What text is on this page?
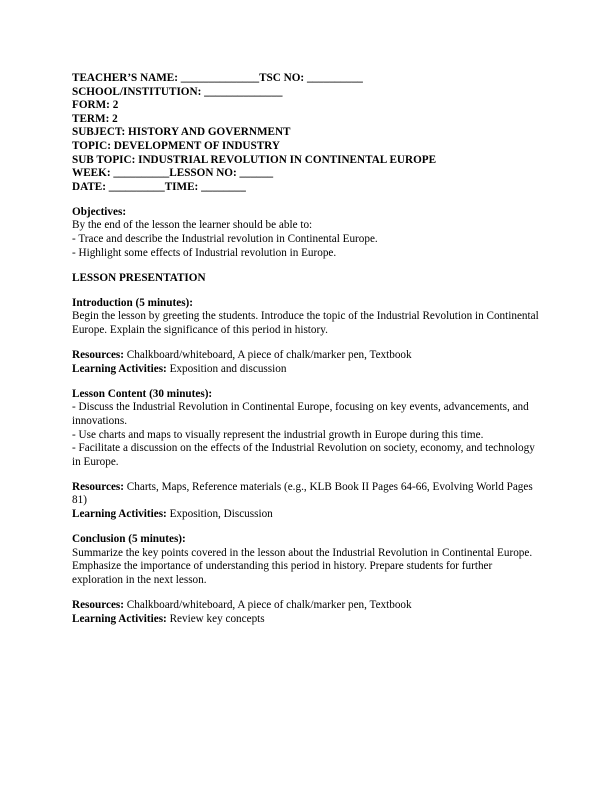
TEACHER’S NAME: ______________TSC NO: __________

SCHOOL/INSTITUTION: ______________

FORM: 2

TERM: 2

SUBJECT: HISTORY AND GOVERNMENT

TOPIC: DEVELOPMENT OF INDUSTRY

SUB TOPIC: INDUSTRIAL REVOLUTION IN CONTINENTAL EUROPE

WEEK: __________LESSON NO: ______

DATE: __________TIME: ________

Objectives:

By the end of the lesson the learner should be able to:

- Trace and describe the Industrial revolution in Continental Europe.

- Highlight some effects of Industrial revolution in Europe.

LESSON PRESENTATION

Introduction (5 minutes):

Begin the lesson by greeting the students. Introduce the topic of the Industrial Revolution in Continental Europe. Explain the significance of this period in history.

Resources: Chalkboard/whiteboard, A piece of chalk/marker pen, Textbook

Learning Activities: Exposition and discussion

Lesson Content (30 minutes):

- Discuss the Industrial Revolution in Continental Europe, focusing on key events, advancements, and innovations.

- Use charts and maps to visually represent the industrial growth in Europe during this time.

- Facilitate a discussion on the effects of the Industrial Revolution on society, economy, and technology in Europe.

Resources: Charts, Maps, Reference materials (e.g., KLB Book II Pages 64-66, Evolving World Pages 81)

Learning Activities: Exposition, Discussion

Conclusion (5 minutes):

Summarize the key points covered in the lesson about the Industrial Revolution in Continental Europe. Emphasize the importance of understanding this period in history. Prepare students for further exploration in the next lesson.

Resources: Chalkboard/whiteboard, A piece of chalk/marker pen, Textbook

Learning Activities: Review key concepts
